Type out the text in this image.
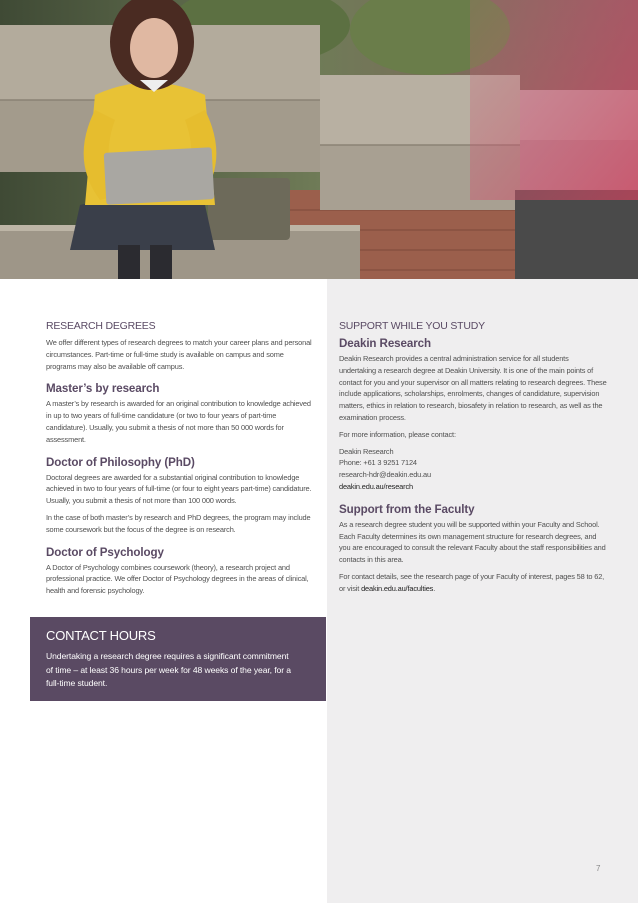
RESEARCH DEGREES

We offer different types of research degrees to match your career plans and personal circumstances. Part-time or full-time study is available on campus and some programs may also be available off campus.

Master’s by research

A master’s by research is awarded for an original contribution to knowledge achieved in up to two years of full-time candidature (or two to four years of part-time candidature). Usually, you submit a thesis of not more than 50 000 words for assessment.

Doctor of Philosophy (PhD)

Doctoral degrees are awarded for a substantial original contribution to knowledge achieved in two to four years of full-time (or four to eight years part-time) candidature. Usually, you submit a thesis of not more than 100 000 words.

In the case of both master’s by research and PhD degrees, the program may include some coursework but the focus of the degree is on research.

Doctor of Psychology

A Doctor of Psychology combines coursework (theory), a research project and professional practice. We offer Doctor of Psychology degrees in the areas of clinical, health and forensic psychology.

CONTACT HOURS
Undertaking a research degree requires a significant commitment of time – at least 36 hours per week for 48 weeks of the year, for a full-time student.
SUPPORT WHILE YOU STUDY
Deakin Research

Deakin Research provides a central administration service for all students undertaking a research degree at Deakin University. It is one of the main points of contact for you and your supervisor on all matters relating to research degrees. These include applications, scholarships, enrolments, changes of candidature, supervision matters, ethics in relation to research, biosafety in relation to research, as well as the examination process.

For more information, please contact:

Deakin Research

Phone: +61 3 9251 7124

research-hdr@deakin.edu.au

deakin.edu.au/research

Support from the Faculty

As a research degree student you will be supported within your Faculty and School. Each Faculty determines its own management structure for research degrees, and you are encouraged to consult the relevant Faculty about the staff responsibilities and contacts in this area.

For contact details, see the research page of your Faculty of interest, pages 58 to 62, or visit deakin.edu.au/faculties.

7
